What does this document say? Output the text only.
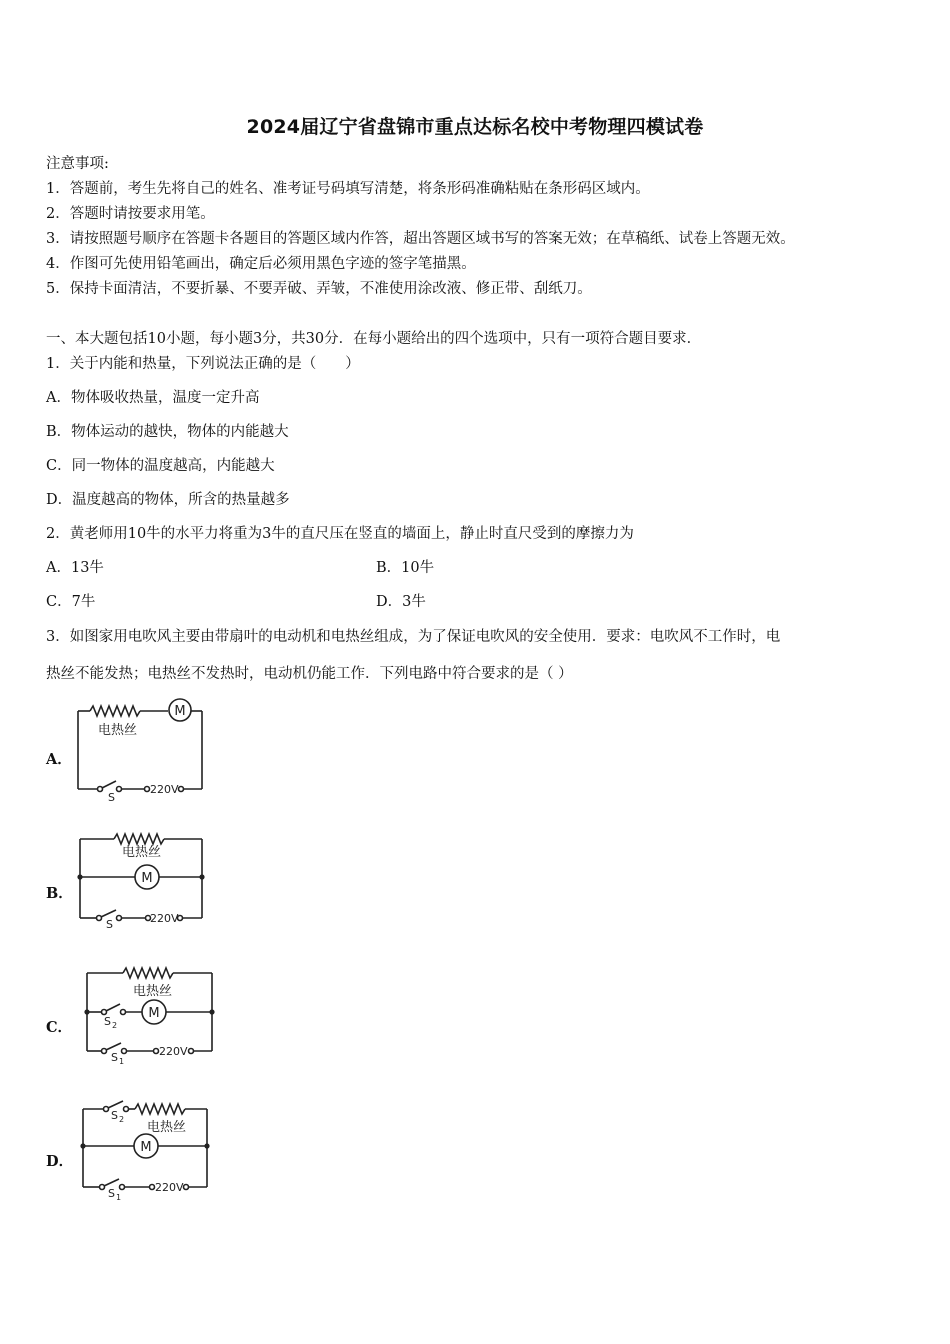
2024届辽宁省盘锦市重点达标名校中考物理四模试卷
注意事项:
1．答题前，考生先将自己的姓名、准考证号码填写清楚，将条形码准确粘贴在条形码区域内。
2．答题时请按要求用笔。
3．请按照题号顺序在答题卡各题目的答题区域内作答，超出答题区域书写的答案无效；在草稿纸、试卷上答题无效。
4．作图可先使用铅笔画出，确定后必须用黑色字迹的签字笔描黑。
5．保持卡面清洁，不要折暴、不要弄破、弄皱，不准使用涂改液、修正带、刮纸刀。
一、本大题包括10小题，每小题3分，共30分．在每小题给出的四个选项中，只有一项符合题目要求．
1．关于内能和热量，下列说法正确的是（　　）
A．物体吸收热量，温度一定升高
B．物体运动的越快，物体的内能越大
C．同一物体的温度越高，内能越大
D．温度越高的物体，所含的热量越多
2．黄老师用10牛的水平力将重为3牛的直尺压在竖直的墙面上，静止时直尺受到的摩擦力为
A．13牛	B．10牛
C．7牛	D．3牛
3．如图家用电吹风主要由带扇叶的电动机和电热丝组成，为了保证电吹风的安全使用．要求：电吹风不工作时，电
热丝不能发热；电热丝不发热时，电动机仍能工作．下列电路中符合要求的是（ ）
A．
M
电热丝
S
220V
B．
M
电热丝
S	220V
C．
M
电热丝
S 2
S 1
220V
D．
M
电热丝
S 2
S 1
220V
